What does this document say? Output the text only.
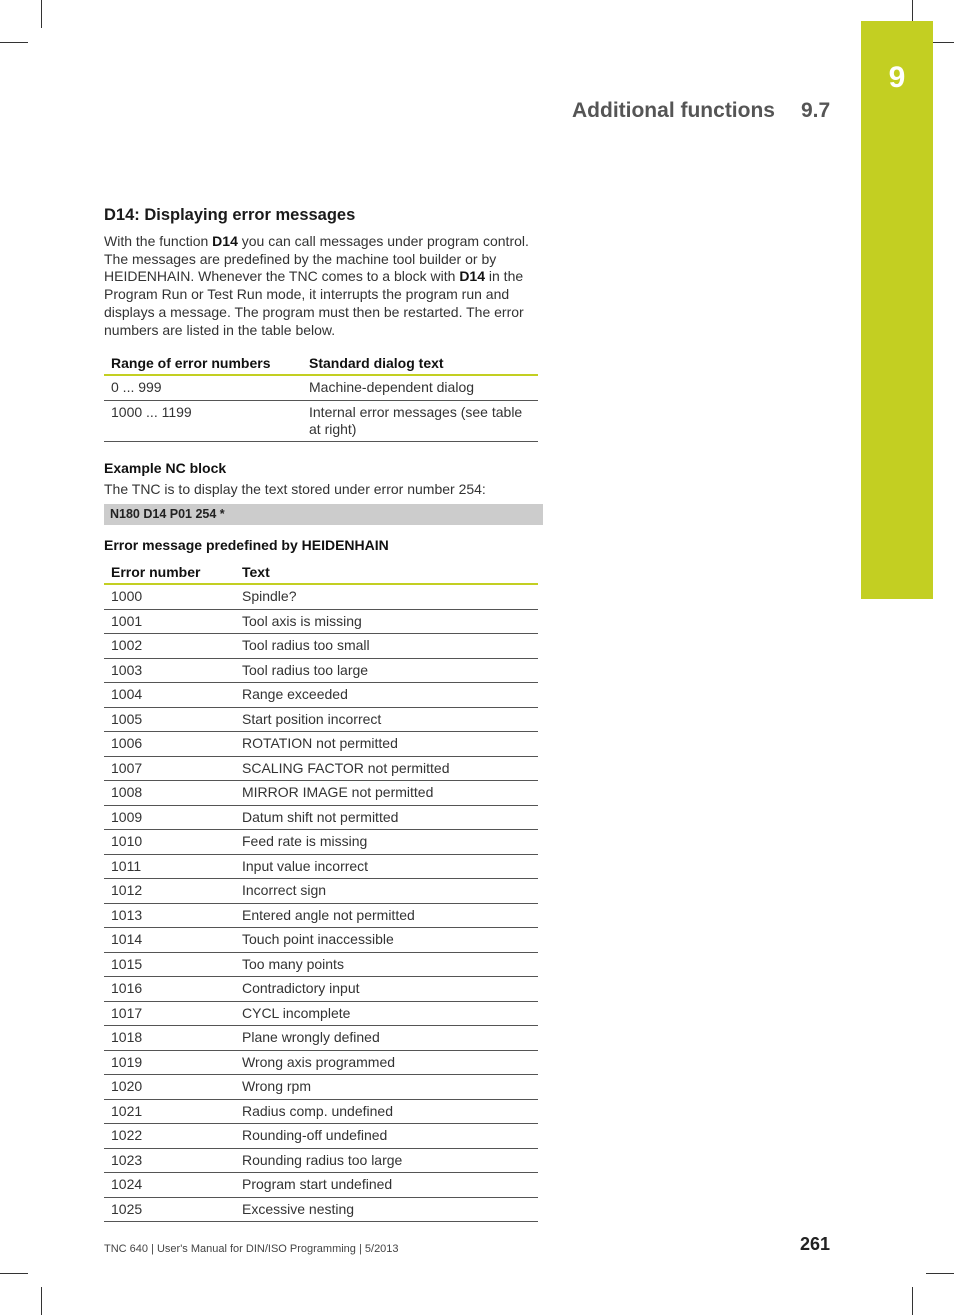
9
Additional functions 9.7
D14: Displaying error messages

With the function D14 you can call messages under program control. The messages are predefined by the machine tool builder or by HEIDENHAIN. Whenever the TNC comes to a block with D14 in the Program Run or Test Run mode, it interrupts the program run and displays a message. The program must then be restarted. The error numbers are listed in the table below.

Range of error numbers	Standard dialog text
0 ... 999	Machine-dependent dialog
1000 ... 1199	Internal error messages (see table at right)
Example NC block

The TNC is to display the text stored under error number 254:

N180 D14 P01 254 *
Error message predefined by HEIDENHAIN
Error number	Text
1000	Spindle?
1001	Tool axis is missing
1002	Tool radius too small
1003	Tool radius too large
1004	Range exceeded
1005	Start position incorrect
1006	ROTATION not permitted
1007	SCALING FACTOR not permitted
1008	MIRROR IMAGE not permitted
1009	Datum shift not permitted
1010	Feed rate is missing
1011	Input value incorrect
1012	Incorrect sign
1013	Entered angle not permitted
1014	Touch point inaccessible
1015	Too many points
1016	Contradictory input
1017	CYCL incomplete
1018	Plane wrongly defined
1019	Wrong axis programmed
1020	Wrong rpm
1021	Radius comp. undefined
1022	Rounding-off undefined
1023	Rounding radius too large
1024	Program start undefined
1025	Excessive nesting
TNC 640 | User's Manual for DIN/ISO Programming | 5/2013	261
